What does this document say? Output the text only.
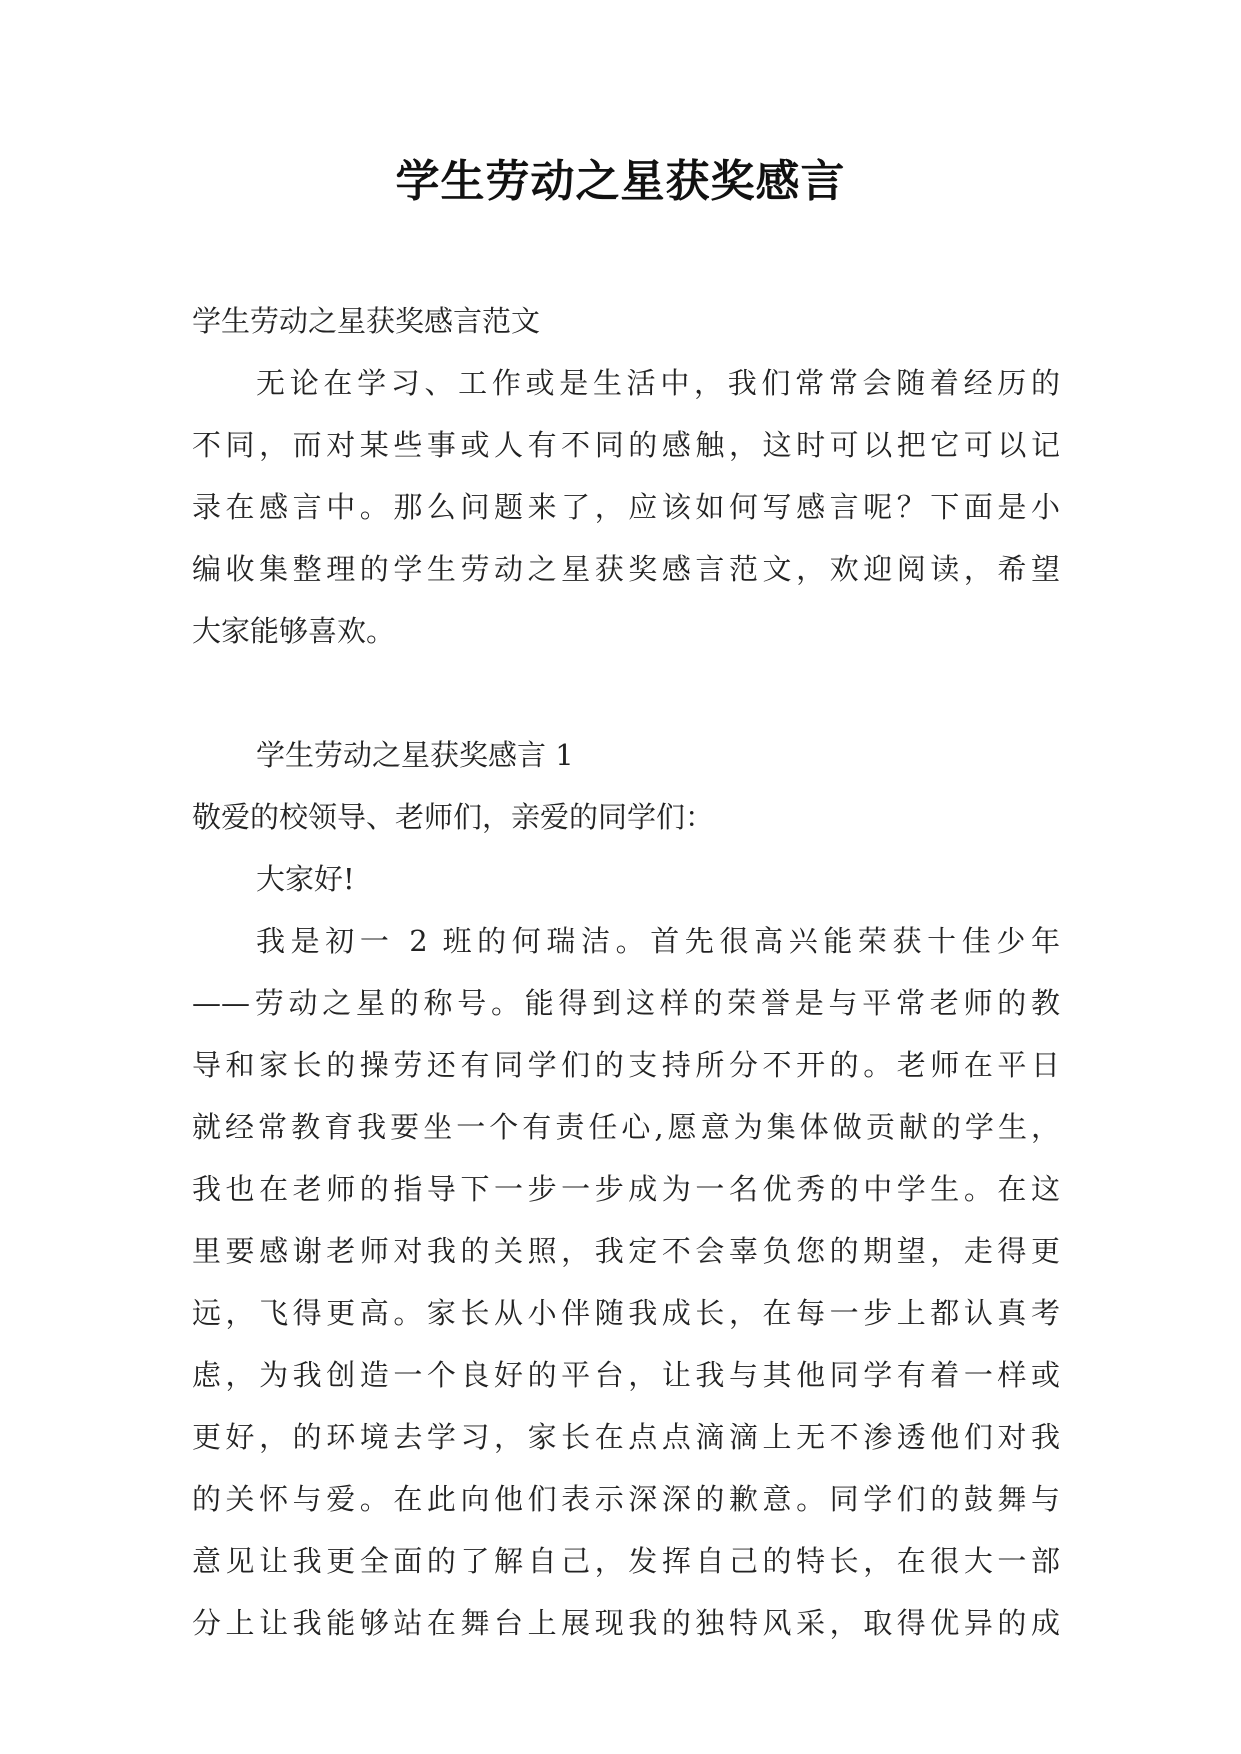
学生劳动之星获奖感言
学生劳动之星获奖感言范文
无论在学习、工作或是生活中，我们常常会随着经历的
不同，而对某些事或人有不同的感触，这时可以把它可以记
录在感言中。那么问题来了，应该如何写感言呢？下面是小
编收集整理的学生劳动之星获奖感言范文，欢迎阅读，希望
大家能够喜欢。
学生劳动之星获奖感言 1
敬爱的校领导、老师们，亲爱的同学们：
大家好!
我是初一 2 班的何瑞洁。首先很高兴能荣获十佳少年
——劳动之星的称号。能得到这样的荣誉是与平常老师的教
导和家长的操劳还有同学们的支持所分不开的。老师在平日
就经常教育我要坐一个有责任心,愿意为集体做贡献的学生，
我也在老师的指导下一步一步成为一名优秀的中学生。在这
里要感谢老师对我的关照，我定不会辜负您的期望，走得更
远，飞得更高。家长从小伴随我成长，在每一步上都认真考
虑，为我创造一个良好的平台，让我与其他同学有着一样或
更好，的环境去学习，家长在点点滴滴上无不渗透他们对我
的关怀与爱。在此向他们表示深深的歉意。同学们的鼓舞与
意见让我更全面的了解自己，发挥自己的特长，在很大一部
分上让我能够站在舞台上展现我的独特风采，取得优异的成
